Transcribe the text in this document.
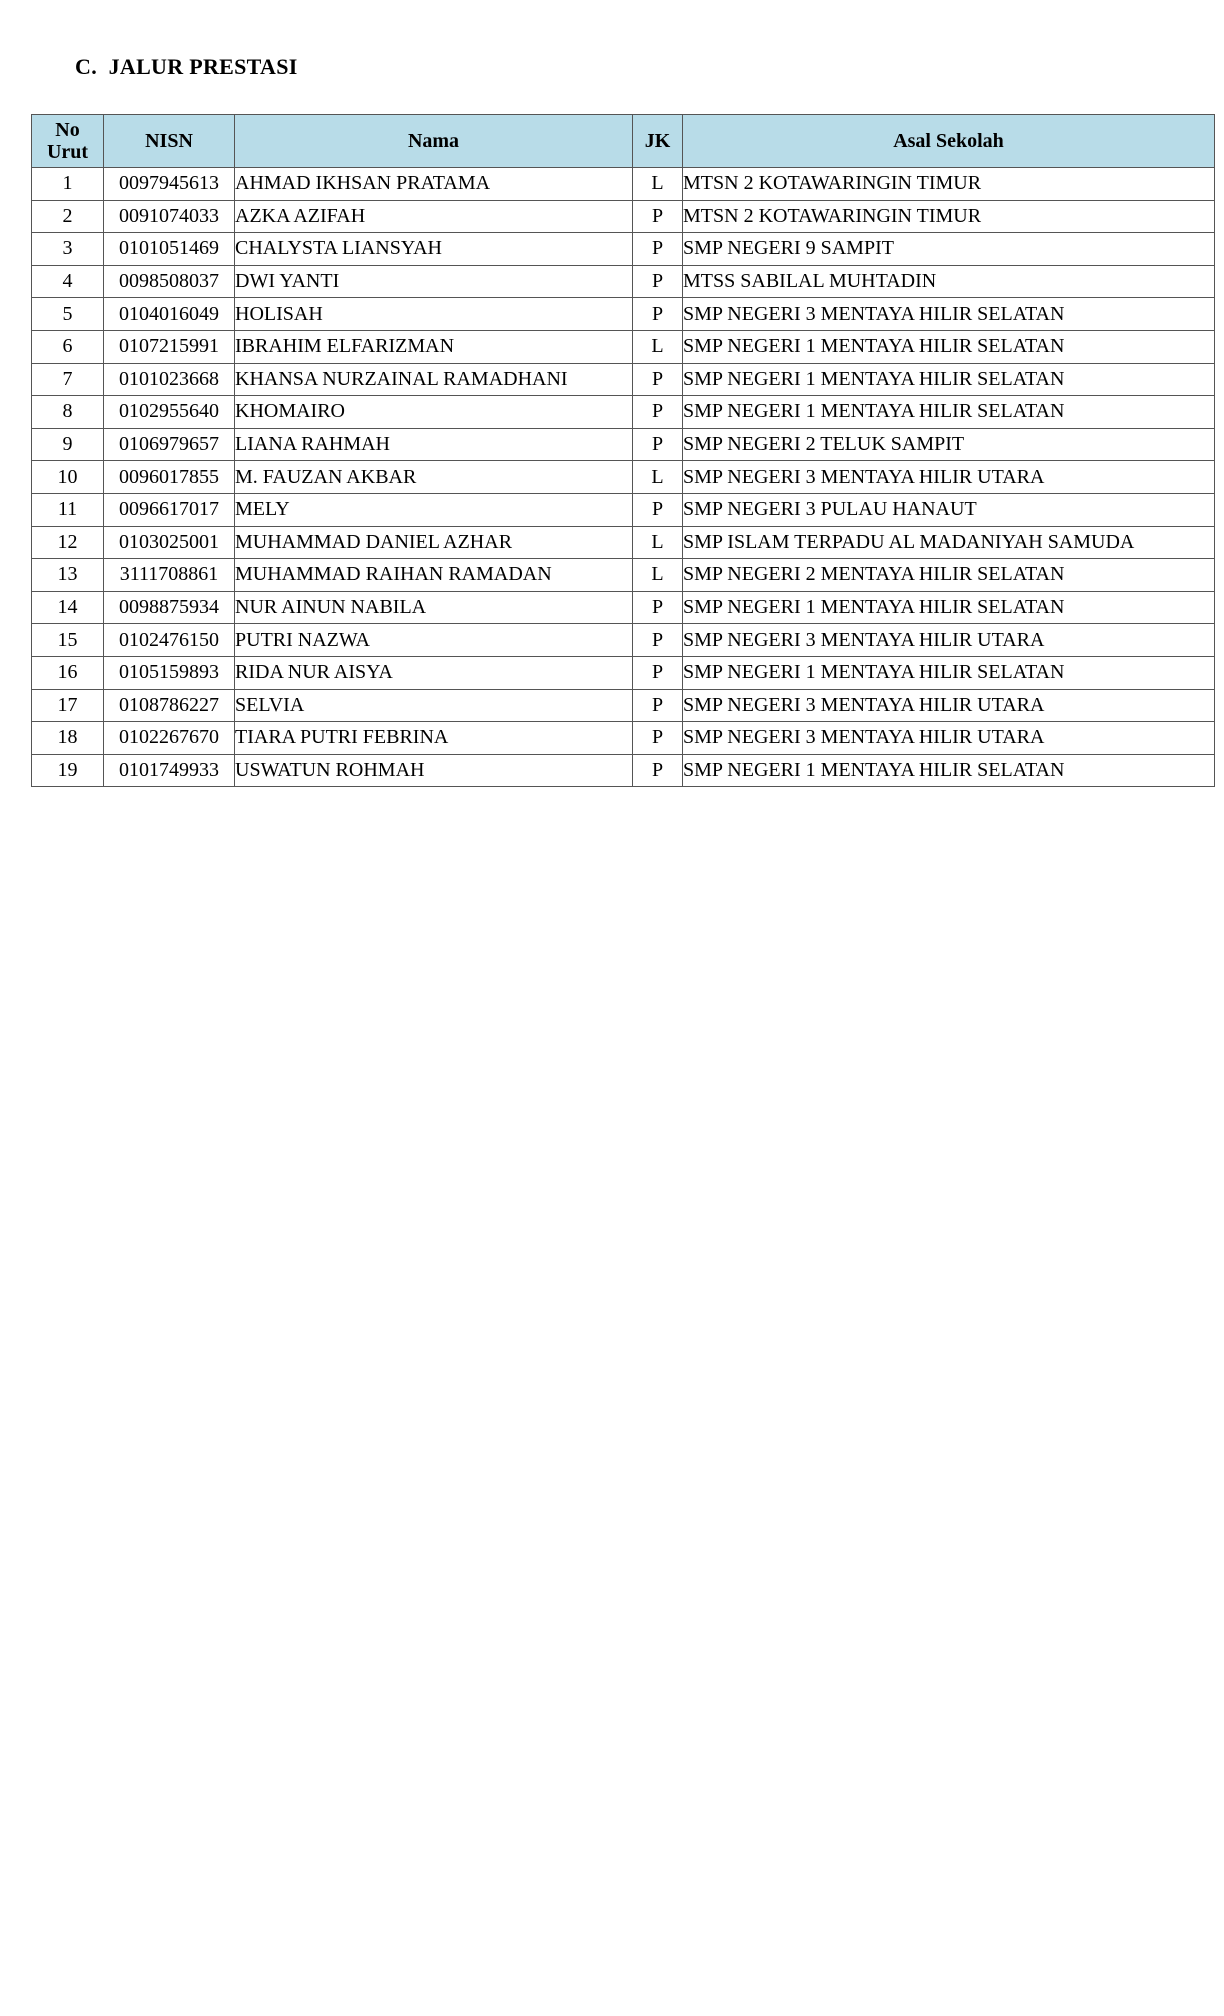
C.  JALUR PRESTASI
No
Urut	NISN	Nama	JK	Asal Sekolah
1	0097945613	AHMAD IKHSAN PRATAMA	L	MTSN 2 KOTAWARINGIN TIMUR
2	0091074033	AZKA AZIFAH	P	MTSN 2 KOTAWARINGIN TIMUR
3	0101051469	CHALYSTA LIANSYAH	P	SMP NEGERI 9 SAMPIT
4	0098508037	DWI YANTI	P	MTSS SABILAL MUHTADIN
5	0104016049	HOLISAH	P	SMP NEGERI 3 MENTAYA HILIR SELATAN
6	0107215991	IBRAHIM ELFARIZMAN	L	SMP NEGERI 1 MENTAYA HILIR SELATAN
7	0101023668	KHANSA NURZAINAL RAMADHANI	P	SMP NEGERI 1 MENTAYA HILIR SELATAN
8	0102955640	KHOMAIRO	P	SMP NEGERI 1 MENTAYA HILIR SELATAN
9	0106979657	LIANA RAHMAH	P	SMP NEGERI 2 TELUK SAMPIT
10	0096017855	M. FAUZAN AKBAR	L	SMP NEGERI 3 MENTAYA HILIR UTARA
11	0096617017	MELY	P	SMP NEGERI 3 PULAU HANAUT
12	0103025001	MUHAMMAD DANIEL AZHAR	L	SMP ISLAM TERPADU AL MADANIYAH SAMUDA
13	3111708861	MUHAMMAD RAIHAN RAMADAN	L	SMP NEGERI 2 MENTAYA HILIR SELATAN
14	0098875934	NUR AINUN NABILA	P	SMP NEGERI 1 MENTAYA HILIR SELATAN
15	0102476150	PUTRI NAZWA	P	SMP NEGERI 3 MENTAYA HILIR UTARA
16	0105159893	RIDA NUR AISYA	P	SMP NEGERI 1 MENTAYA HILIR SELATAN
17	0108786227	SELVIA	P	SMP NEGERI 3 MENTAYA HILIR UTARA
18	0102267670	TIARA PUTRI FEBRINA	P	SMP NEGERI 3 MENTAYA HILIR UTARA
19	0101749933	USWATUN ROHMAH	P	SMP NEGERI 1 MENTAYA HILIR SELATAN
